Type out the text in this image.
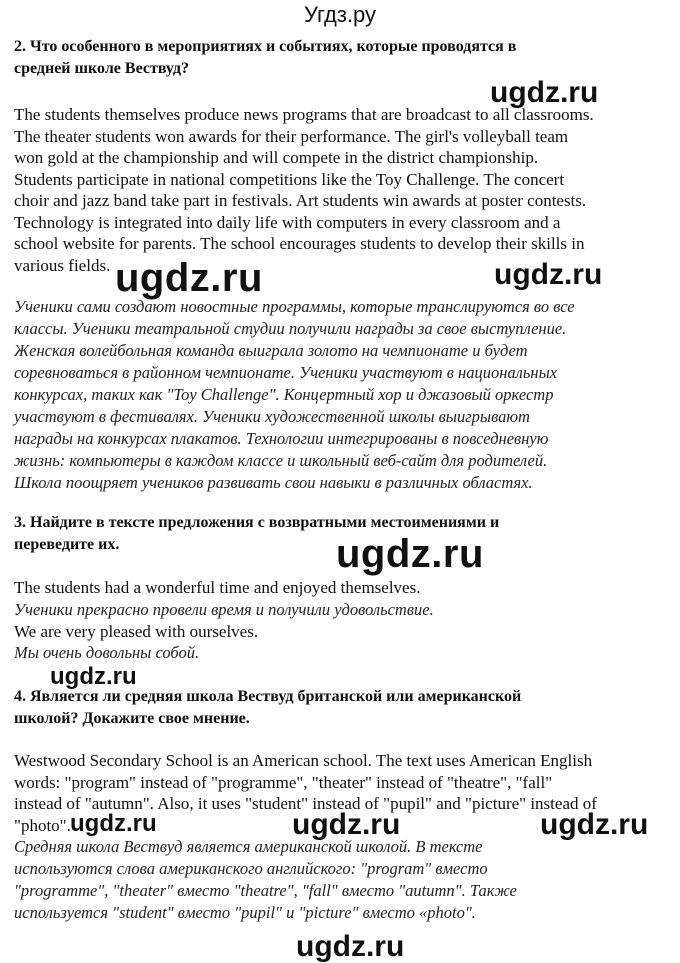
Угдз.ру

2. Что особенного в мероприятиях и событиях, которые проводятся в
средней школе Вествуд?

The students themselves produce news programs that are broadcast to all classrooms.
The theater students won awards for their performance. The girl's volleyball team
won gold at the championship and will compete in the district championship.
Students participate in national competitions like the Toy Challenge. The concert
choir and jazz band take part in festivals. Art students win awards at poster contests.
Technology is integrated into daily life with computers in every classroom and a
school website for parents. The school encourages students to develop their skills in
various fields.

Ученики сами создают новостные программы, которые транслируются во все
классы. Ученики театральной студии получили награды за свое выступление.
Женская волейбольная команда выиграла золото на чемпионате и будет
соревноваться в районном чемпионате. Ученики участвуют в национальных
конкурсах, таких как "Toy Challenge". Концертный хор и джазовый оркестр
участвуют в фестивалях. Ученики художественной школы выигрывают
награды на конкурсах плакатов. Технологии интегрированы в повседневную
жизнь: компьютеры в каждом классе и школьный веб-сайт для родителей.
Школа поощряет учеников развивать свои навыки в различных областях.

3. Найдите в тексте предложения с возвратными местоимениями и
переведите их.

The students had a wonderful time and enjoyed themselves.

Ученики прекрасно провели время и получили удовольствие.

We are very pleased with ourselves.

Мы очень довольны собой.

4. Является ли средняя школа Веcтвуд британской или американской
школой? Докажите свое мнение.

Westwood Secondary School is an American school. The text uses American English
words: "program" instead of "programme", "theater" instead of "theatre", "fall"
instead of "autumn". Also, it uses "student" instead of "pupil" and "picture" instead of
"photo".

Средняя школа Вествуд является американской школой. В тексте
используются слова американского английского: "program" вместо
"programme", "theater" вместо "theatre", "fall" вместо "autumn". Также
используется "student" вместо "pupil" и "picture" вместо «photo".

ugdz.ru
ugdz.ru	ugdz.ru
ugdz.ru
ugdz.ru
ugdz.ru	ugdz.ru	ugdz.ru
ugdz.ru
